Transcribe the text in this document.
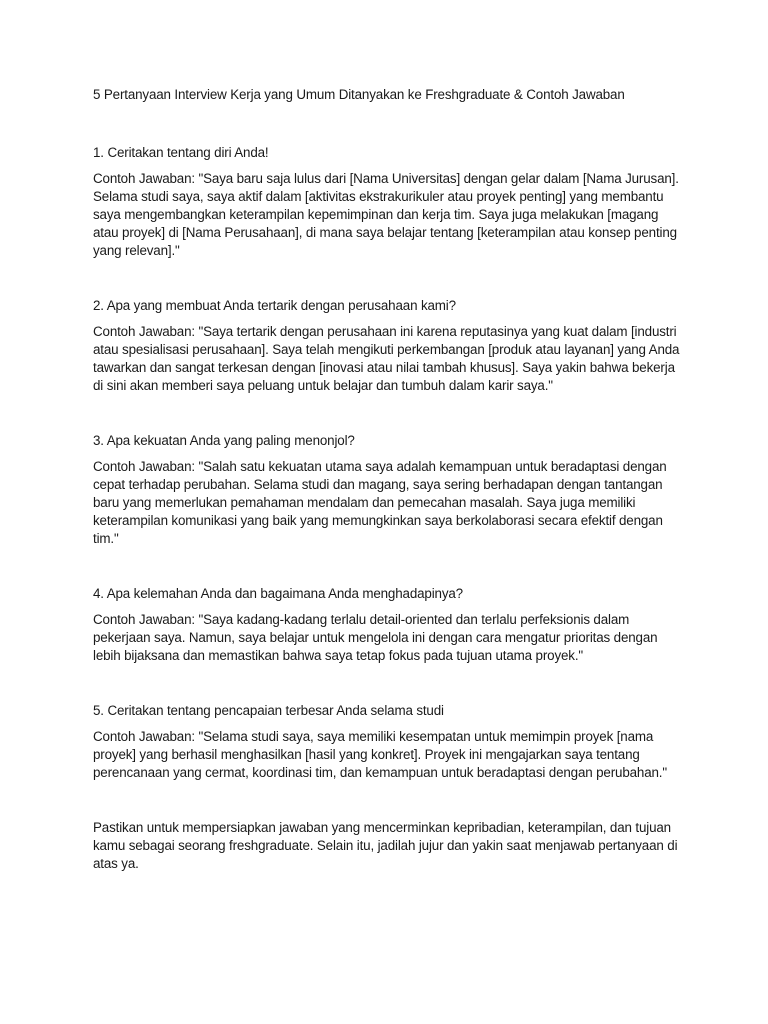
5 Pertanyaan Interview Kerja yang Umum Ditanyakan ke Freshgraduate & Contoh Jawaban

1. Ceritakan tentang diri Anda!

Contoh Jawaban: "Saya baru saja lulus dari [Nama Universitas] dengan gelar dalam [Nama Jurusan]. Selama studi saya, saya aktif dalam [aktivitas ekstrakurikuler atau proyek penting] yang membantu saya mengembangkan keterampilan kepemimpinan dan kerja tim. Saya juga melakukan [magang atau proyek] di [Nama Perusahaan], di mana saya belajar tentang [keterampilan atau konsep penting yang relevan]."

2. Apa yang membuat Anda tertarik dengan perusahaan kami?

Contoh Jawaban: "Saya tertarik dengan perusahaan ini karena reputasinya yang kuat dalam [industri atau spesialisasi perusahaan]. Saya telah mengikuti perkembangan [produk atau layanan] yang Anda tawarkan dan sangat terkesan dengan [inovasi atau nilai tambah khusus]. Saya yakin bahwa bekerja di sini akan memberi saya peluang untuk belajar dan tumbuh dalam karir saya."

3. Apa kekuatan Anda yang paling menonjol?

Contoh Jawaban: "Salah satu kekuatan utama saya adalah kemampuan untuk beradaptasi dengan cepat terhadap perubahan. Selama studi dan magang, saya sering berhadapan dengan tantangan baru yang memerlukan pemahaman mendalam dan pemecahan masalah. Saya juga memiliki keterampilan komunikasi yang baik yang memungkinkan saya berkolaborasi secara efektif dengan tim."

4. Apa kelemahan Anda dan bagaimana Anda menghadapinya?

Contoh Jawaban: "Saya kadang-kadang terlalu detail-oriented dan terlalu perfeksionis dalam pekerjaan saya. Namun, saya belajar untuk mengelola ini dengan cara mengatur prioritas dengan lebih bijaksana dan memastikan bahwa saya tetap fokus pada tujuan utama proyek."

5. Ceritakan tentang pencapaian terbesar Anda selama studi

Contoh Jawaban: "Selama studi saya, saya memiliki kesempatan untuk memimpin proyek [nama proyek] yang berhasil menghasilkan [hasil yang konkret]. Proyek ini mengajarkan saya tentang perencanaan yang cermat, koordinasi tim, dan kemampuan untuk beradaptasi dengan perubahan."

Pastikan untuk mempersiapkan jawaban yang mencerminkan kepribadian, keterampilan, dan tujuan kamu sebagai seorang freshgraduate. Selain itu, jadilah jujur dan yakin saat menjawab pertanyaan di atas ya.
